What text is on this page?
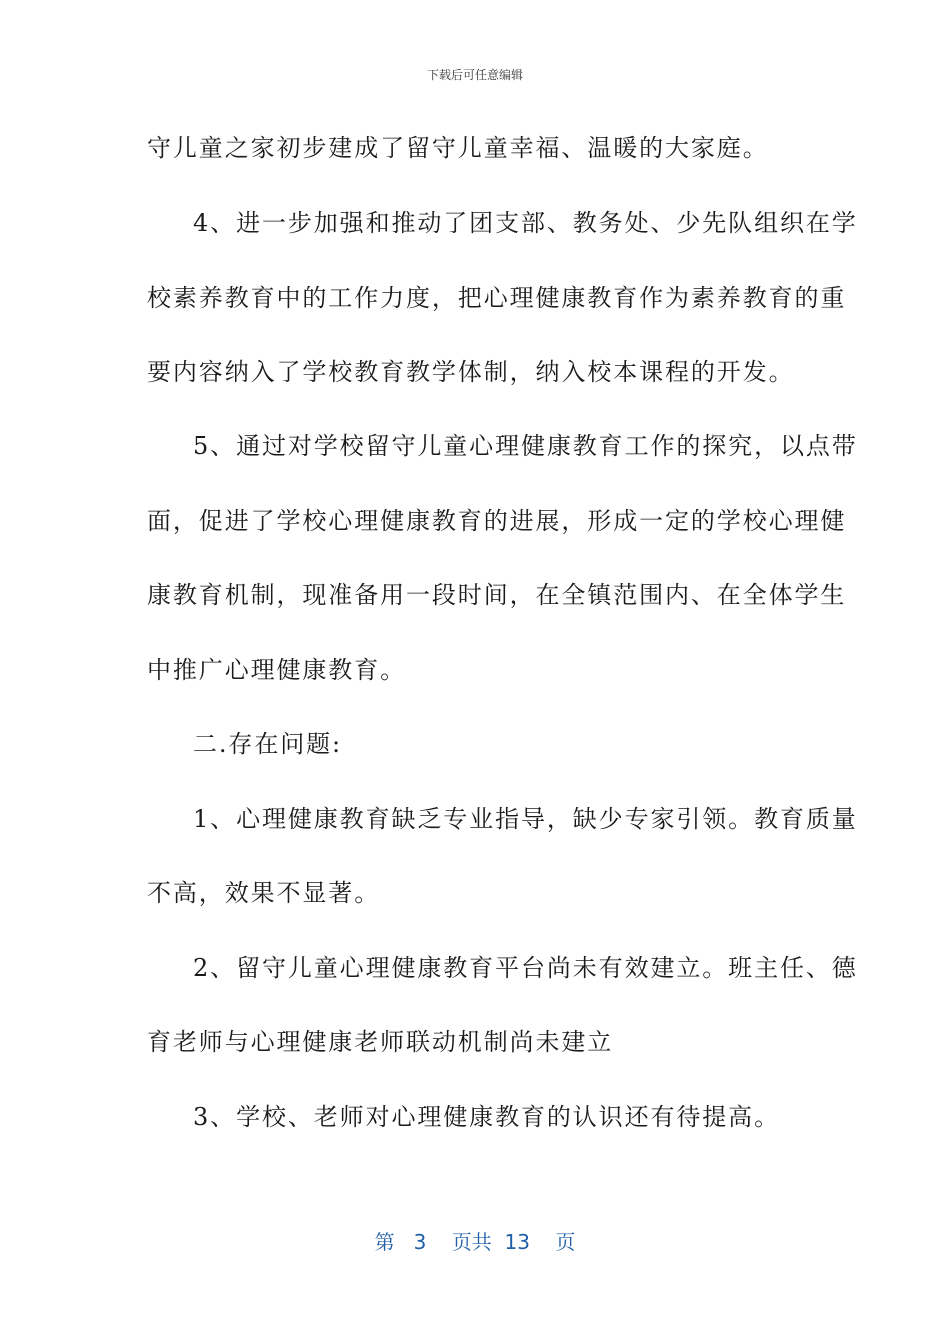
下载后可任意编辑
守儿童之家初步建成了留守儿童幸福、温暖的大家庭。
4、进一步加强和推动了团支部、教务处、少先队组织在学
校素养教育中的工作力度，把心理健康教育作为素养教育的重
要内容纳入了学校教育教学体制，纳入校本课程的开发。
5、通过对学校留守儿童心理健康教育工作的探究，以点带
面，促进了学校心理健康教育的进展，形成一定的学校心理健
康教育机制，现准备用一段时间，在全镇范围内、在全体学生
中推广心理健康教育。
二.存在问题:
1、心理健康教育缺乏专业指导，缺少专家引领。教育质量
不高，效果不显著。
2、留守儿童心理健康教育平台尚未有效建立。班主任、德
育老师与心理健康老师联动机制尚未建立
3、学校、老师对心理健康教育的认识还有待提高。
第 3 页共 13 页
